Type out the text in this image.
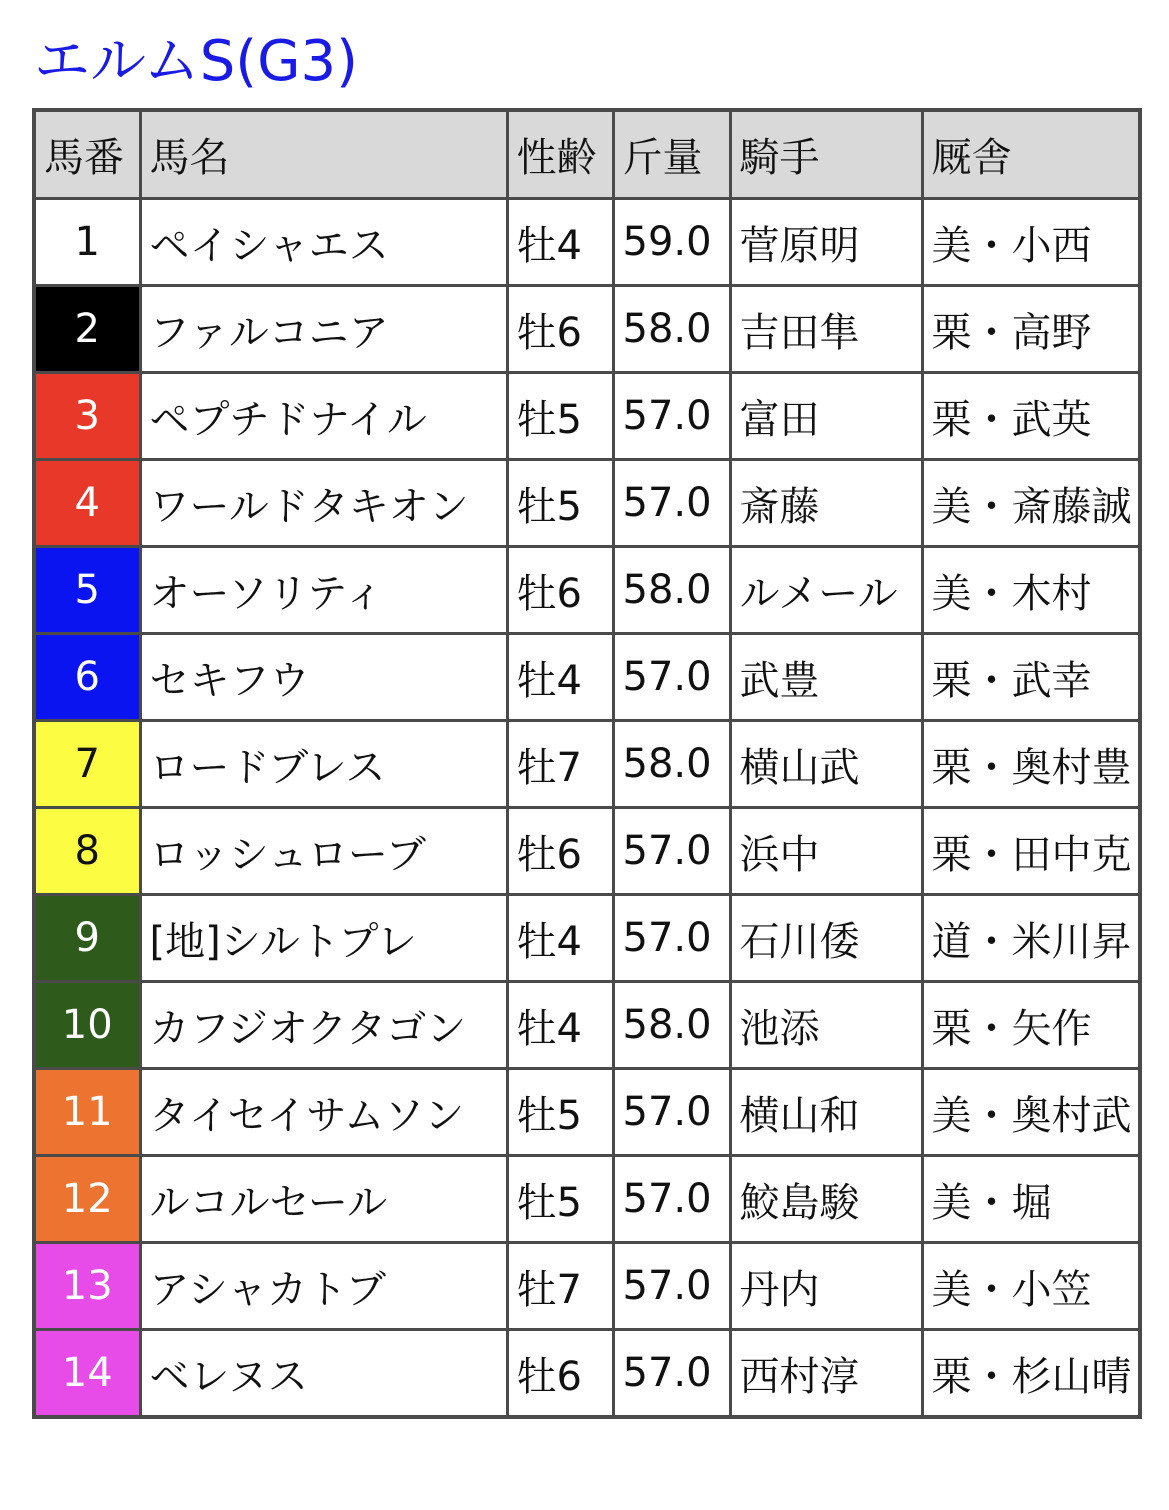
エルムS(G3)
馬番	馬名	性齢	斤量	騎手	厩舎
1	ペイシャエス	牡4	59.0	菅原明	美・小西
2	ファルコニア	牡6	58.0	吉田隼	栗・高野
3	ペプチドナイル	牡5	57.0	富田	栗・武英
4	ワールドタキオン	牡5	57.0	斎藤	美・斎藤誠
5	オーソリティ	牡6	58.0	ルメール	美・木村
6	セキフウ	牡4	57.0	武豊	栗・武幸
7	ロードブレス	牡7	58.0	横山武	栗・奥村豊
8	ロッシュローブ	牡6	57.0	浜中	栗・田中克
9	[地]シルトプレ	牡4	57.0	石川倭	道・米川昇
10	カフジオクタゴン	牡4	58.0	池添	栗・矢作
11	タイセイサムソン	牡5	57.0	横山和	美・奥村武
12	ルコルセール	牡5	57.0	鮫島駿	美・堀
13	アシャカトブ	牡7	57.0	丹内	美・小笠
14	ベレヌス	牡6	57.0	西村淳	栗・杉山晴
